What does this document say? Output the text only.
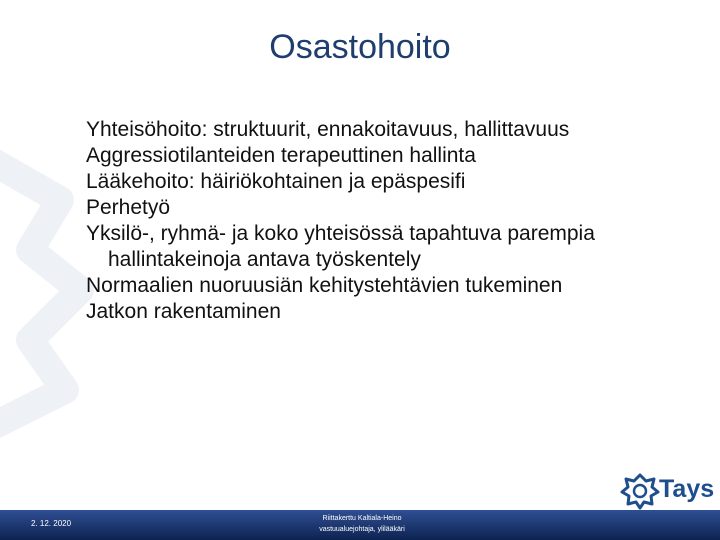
Osastohoito
Yhteisöhoito: struktuurit, ennakoitavuus, hallittavuus
Aggressiotilanteiden terapeuttinen hallinta
Lääkehoito: häiriökohtainen ja epäspesifi
Perhetyö
Yksilö-, ryhmä- ja koko yhteisössä tapahtuva parempia hallintakeinoja antava työskentely
Normaalien nuoruusiän kehitystehtävien tukeminen
Jatkon rakentaminen
Tays
2. 12. 2020
Riittakerttu Kaltiala-Heino
vastuualuejohtaja, ylilääkäri
